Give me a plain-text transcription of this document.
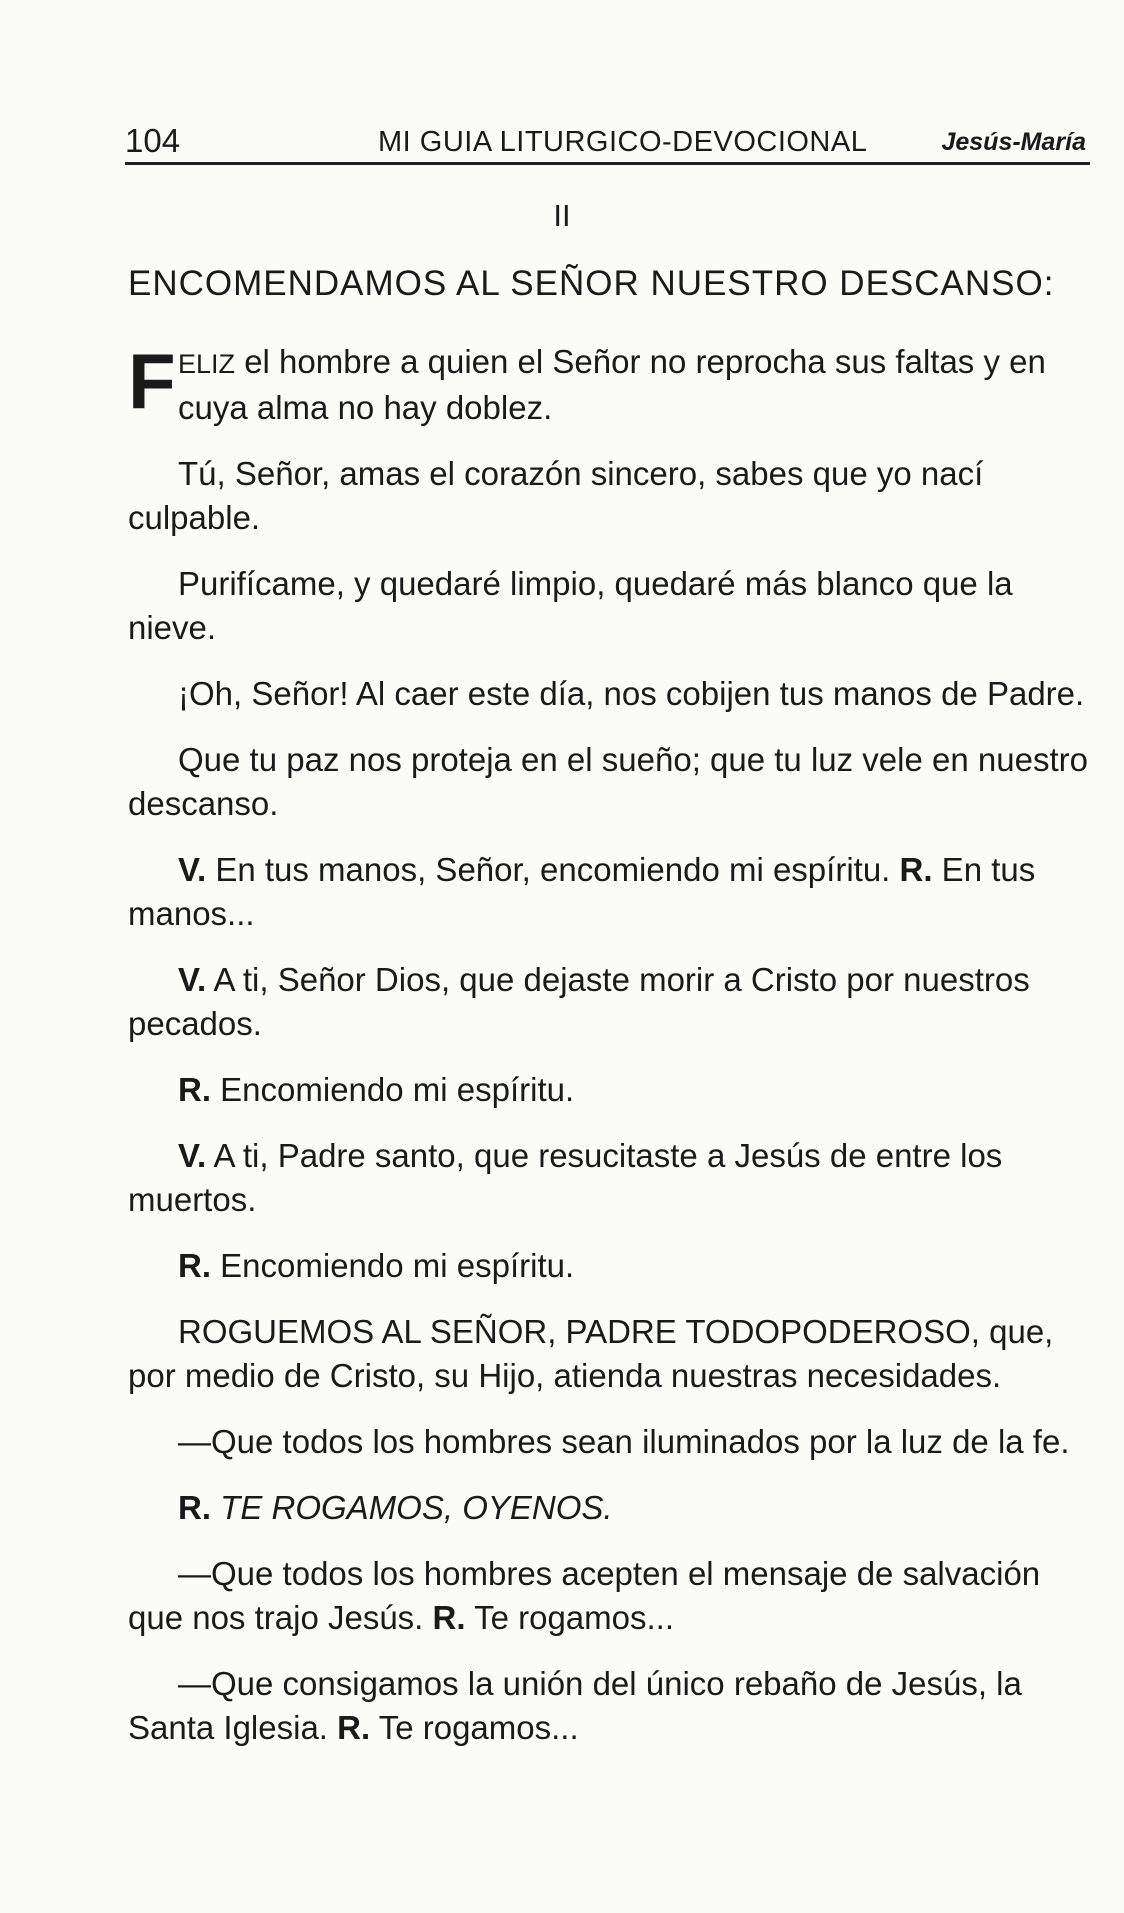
104	MI GUIA LITURGICO-DEVOCIONAL	Jesús-María
II
ENCOMENDAMOS AL SEÑOR NUESTRO DESCANSO:

F ELIZ el hombre a quien el Señor no reprocha sus faltas y en cuya alma no hay doblez.

Tú, Señor, amas el corazón sincero, sabes que yo nací culpable.

Purifícame, y quedaré limpio, quedaré más blanco que la nieve.

¡Oh, Señor! Al caer este día, nos cobijen tus manos de Padre.

Que tu paz nos proteja en el sueño; que tu luz vele en nuestro descanso.

V. En tus manos, Señor, encomiendo mi espíritu. R. En tus manos...

V. A ti, Señor Dios, que dejaste morir a Cristo por nuestros pecados.

R. Encomiendo mi espíritu.

V. A ti, Padre santo, que resucitaste a Jesús de entre los muertos.

R. Encomiendo mi espíritu.

ROGUEMOS AL SEÑOR, PADRE TODOPODEROSO, que, por medio de Cristo, su Hijo, atienda nuestras necesidades.

—Que todos los hombres sean iluminados por la luz de la fe.

R. TE ROGAMOS, OYENOS.

—Que todos los hombres acepten el mensaje de salvación que nos trajo Jesús. R. Te rogamos...

—Que consigamos la unión del único rebaño de Jesús, la Santa Iglesia. R. Te rogamos...
